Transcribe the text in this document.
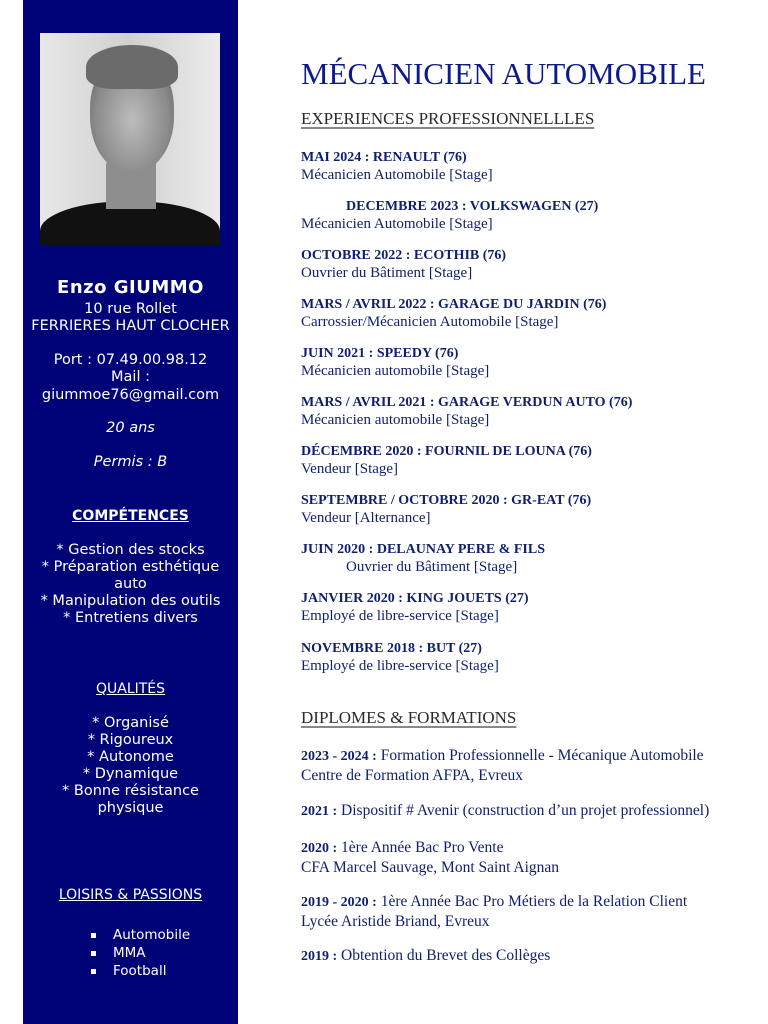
Enzo GIUMMO
10 rue Rollet
FERRIERES HAUT CLOCHER
Port : 07.49.00.98.12
Mail :
giummoe76@gmail.com
20 ans
Permis : B
COMPÉTENCES
* Gestion des stocks
* Préparation esthétique
auto
* Manipulation des outils
* Entretiens divers
QUALITÉS
* Organisé
* Rigoureux
* Autonome
* Dynamique
* Bonne résistance
physique
LOISIRS & PASSIONS
Automobile
MMA
Football
MÉCANICIEN AUTOMOBILE
EXPERIENCES PROFESSIONNELLLES
MAI 2024 : RENAULT (76)
Mécanicien Automobile [Stage]
DECEMBRE 2023 : VOLKSWAGEN (27)
Mécanicien Automobile [Stage]
OCTOBRE 2022 : ECOTHIB (76)
Ouvrier du Bâtiment [Stage]
MARS / AVRIL 2022 : GARAGE DU JARDIN (76)
Carrossier/Mécanicien Automobile [Stage]
JUIN 2021 : SPEEDY (76)
Mécanicien automobile [Stage]
MARS / AVRIL 2021 : GARAGE VERDUN AUTO (76)
Mécanicien automobile [Stage]
DÉCEMBRE 2020 : FOURNIL DE LOUNA (76)
Vendeur [Stage]
SEPTEMBRE / OCTOBRE 2020 : GR-EAT (76)
Vendeur [Alternance]
JUIN 2020 : DELAUNAY PERE & FILS
Ouvrier du Bâtiment [Stage]
JANVIER 2020 : KING JOUETS (27)
Employé de libre-service [Stage]
NOVEMBRE 2018 : BUT (27)
Employé de libre-service [Stage]
DIPLOMES & FORMATIONS
2023 - 2024 : Formation Professionnelle - Mécanique Automobile
Centre de Formation AFPA, Evreux
2021 : Dispositif # Avenir (construction d’un projet professionnel)
2020 : 1ère Année Bac Pro Vente
CFA Marcel Sauvage, Mont Saint Aignan
2019 - 2020 : 1ère Année Bac Pro Métiers de la Relation Client
Lycée Aristide Briand, Evreux
2019 : Obtention du Brevet des Collèges
